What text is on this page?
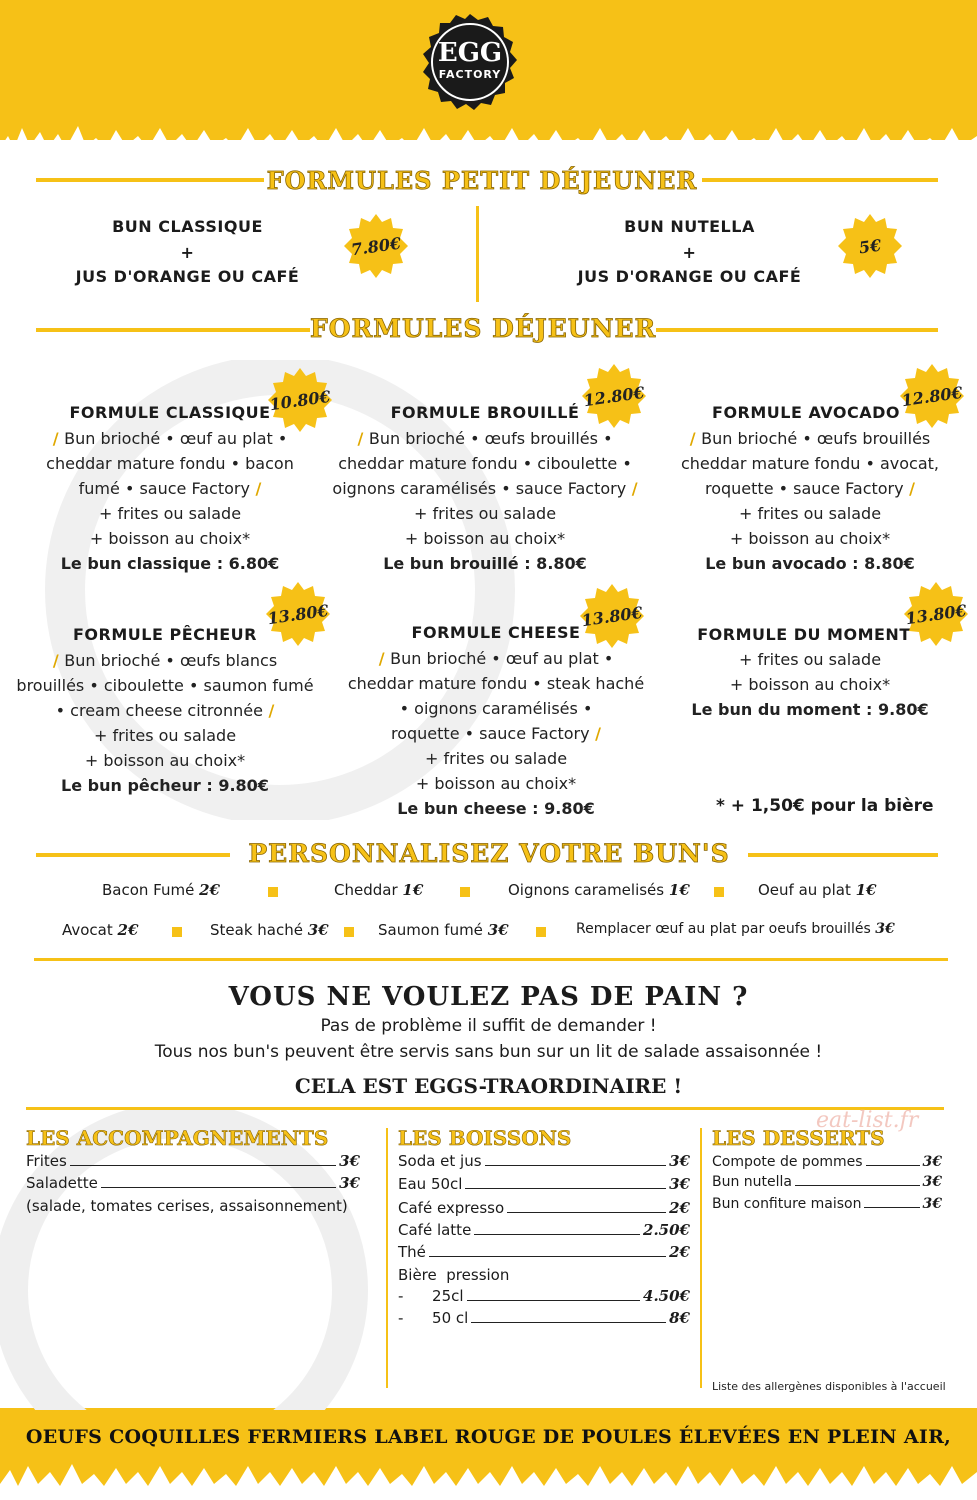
EGG
FACTORY
FORMULES PETIT DÉJEUNER
BUN CLASSIQUE
+
JUS D'ORANGE OU CAFÉ
7.80€
BUN NUTELLA
+
JUS D'ORANGE OU CAFÉ
5€
FORMULES DÉJEUNER
FORMULE CLASSIQUE
10.80€
/ Bun brioché • œuf au plat •
cheddar mature fondu • bacon
fumé • sauce Factory /
+ frites ou salade
+ boisson au choix*
Le bun classique : 6.80€
FORMULE BROUILLÉ
12.80€
/ Bun brioché • œufs brouillés •
cheddar mature fondu • ciboulette •
oignons caramélisés • sauce Factory /
+ frites ou salade
+ boisson au choix*
Le bun brouillé : 8.80€
FORMULE AVOCADO
12.80€
/ Bun brioché • œufs brouillés
cheddar mature fondu • avocat,
roquette • sauce Factory /
+ frites ou salade
+ boisson au choix*
Le bun avocado : 8.80€
FORMULE PÊCHEUR
13.80€
/ Bun brioché • œufs blancs
brouillés • ciboulette • saumon fumé
• cream cheese citronnée /
+ frites ou salade
+ boisson au choix*
Le bun pêcheur : 9.80€
FORMULE CHEESE
13.80€
/ Bun brioché • œuf au plat •
cheddar mature fondu • steak haché
• oignons caramélisés •
roquette • sauce Factory /
+ frites ou salade
+ boisson au choix*
Le bun cheese : 9.80€
FORMULE DU MOMENT
13.80€
+ frites ou salade
+ boisson au choix*
Le bun du moment : 9.80€
* + 1,50€ pour la bière
PERSONNALISEZ VOTRE BUN'S
Bacon Fumé 2€	Cheddar 1€	Oignons caramelisés 1€	Oeuf au plat 1€
Avocat 2€	Steak haché 3€	Saumon fumé 3€	Remplacer œuf au plat par oeufs brouillés 3€
VOUS NE VOULEZ PAS DE PAIN ?
Pas de problème il suffit de demander !
Tous nos bun's peuvent être servis sans bun sur un lit de salade assaisonnée !
CELA EST EGGS-TRAORDINAIRE !
LES ACCOMPAGNEMENTS
Frites	3€
Saladette	3€
(salade, tomates cerises, assaisonnement)
LES BOISSONS
Soda et jus	3€
Eau 50cl	3€
Café expresso	2€
Café latte	2.50€
Thé	2€
Bière  pression
-      25cl	4.50€
-      50 cl	8€
LES DESSERTS
eat-list.fr
Compote de pommes	3€
Bun nutella	3€
Bun confiture maison	3€
Liste des allergènes disponibles à l'accueil
OEUFS COQUILLES FERMIERS LABEL ROUGE DE POULES ÉLEVÉES EN PLEIN AIR,
